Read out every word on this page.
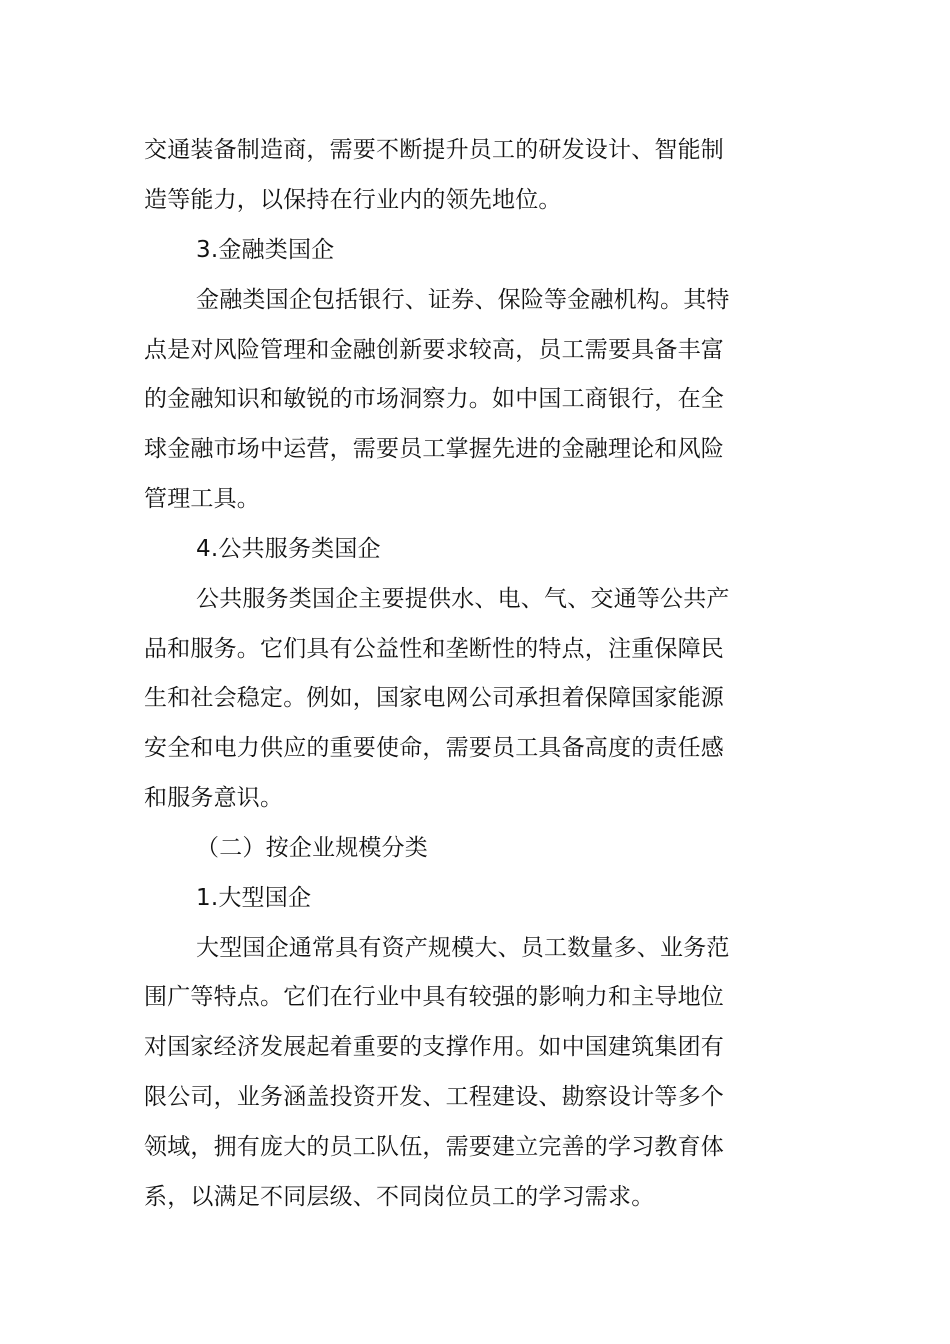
交通装备制造商，需要不断提升员工的研发设计、智能制
造等能力，以保持在行业内的领先地位。
3.金融类国企
金融类国企包括银行、证券、保险等金融机构。其特
点是对风险管理和金融创新要求较高，员工需要具备丰富
的金融知识和敏锐的市场洞察力。如中国工商银行，在全
球金融市场中运营，需要员工掌握先进的金融理论和风险
管理工具。
4.公共服务类国企
公共服务类国企主要提供水、电、气、交通等公共产
品和服务。它们具有公益性和垄断性的特点，注重保障民
生和社会稳定。例如，国家电网公司承担着保障国家能源
安全和电力供应的重要使命，需要员工具备高度的责任感
和服务意识。
（二）按企业规模分类
1.大型国企
大型国企通常具有资产规模大、员工数量多、业务范
围广等特点。它们在行业中具有较强的影响力和主导地位
对国家经济发展起着重要的支撑作用。如中国建筑集团有
限公司，业务涵盖投资开发、工程建设、勘察设计等多个
领域，拥有庞大的员工队伍，需要建立完善的学习教育体
系，以满足不同层级、不同岗位员工的学习需求。
